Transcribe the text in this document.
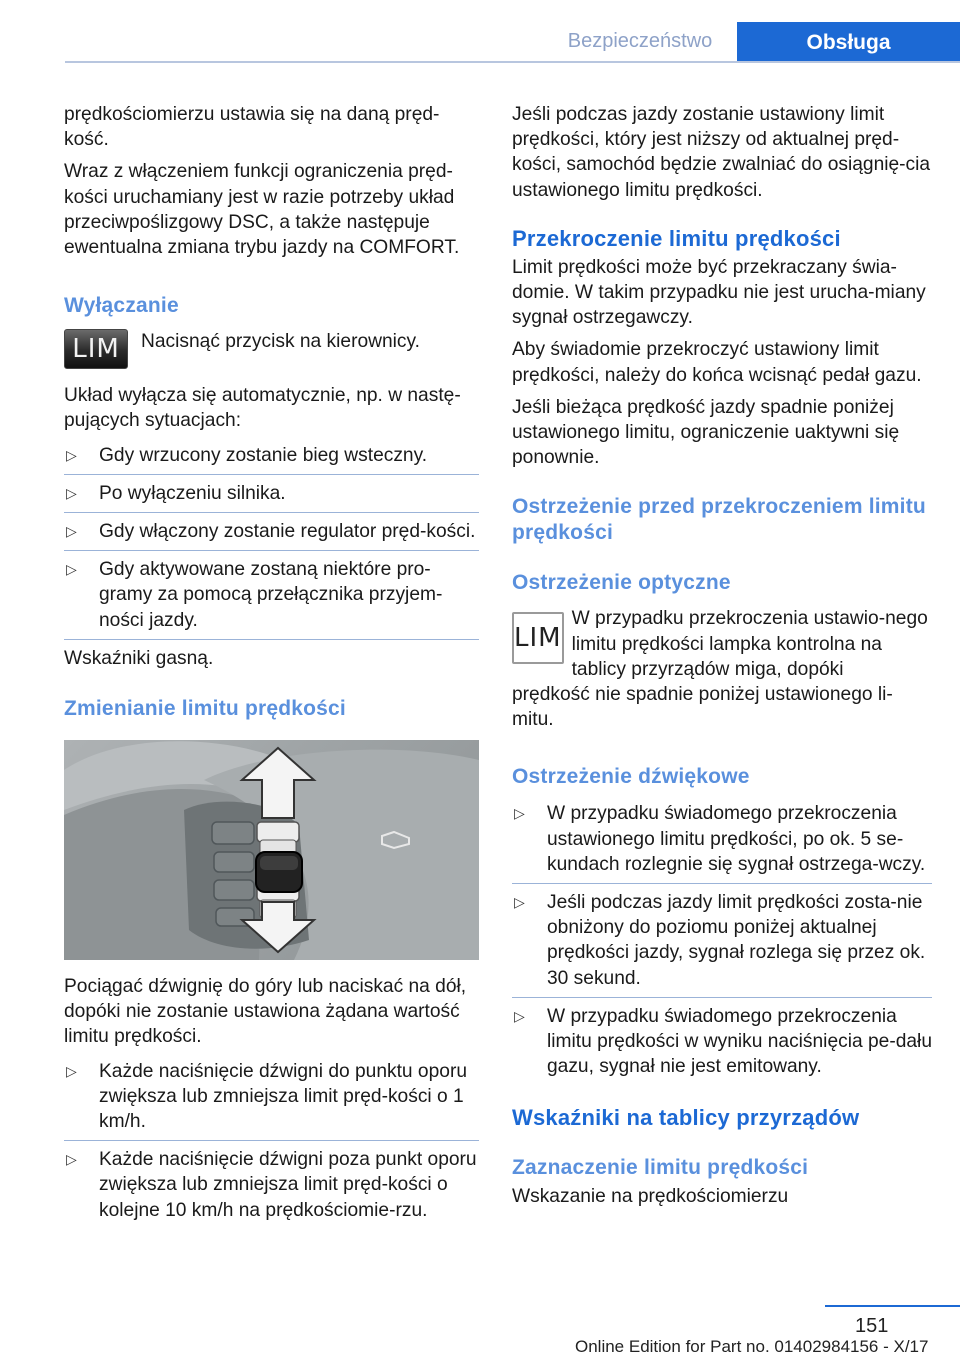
Bezpieczeństwo	Obsługa

prędkościomierzu ustawia się na daną pręd‐kość.

Wraz z włączeniem funkcji ograniczenia pręd‐kości uruchamiany jest w razie potrzeby układ przeciwpoślizgowy DSC, a także następuje ewentualna zmiana trybu jazdy na COMFORT.

Wyłączanie
LIM	Nacisnąć przycisk na kierownicy.

Układ wyłącza się automatycznie, np. w nastę‐pujących sytuacjach:

▷ Gdy wrzucony zostanie bieg wsteczny.
▷ Po wyłączeniu silnika.
▷ Gdy włączony zostanie regulator pręd‐kości.
▷ Gdy aktywowane zostaną niektóre pro‐gramy za pomocą przełącznika przyjem‐ności jazdy.

Wskaźniki gasną.

Zmienianie limitu prędkości

Pociągać dźwignię do góry lub naciskać na dół, dopóki nie zostanie ustawiona żądana wartość limitu prędkości.

▷ Każde naciśnięcie dźwigni do punktu oporu zwiększa lub zmniejsza limit pręd‐kości o 1 km/h.
▷ Każde naciśnięcie dźwigni poza punkt oporu zwiększa lub zmniejsza limit pręd‐kości o kolejne 10 km/h na prędkościomie‐rzu.

Jeśli podczas jazdy zostanie ustawiony limit prędkości, który jest niższy od aktualnej pręd‐kości, samochód będzie zwalniać do osiągnię‐cia ustawionego limitu prędkości.

Przekroczenie limitu prędkości

Limit prędkości może być przekraczany świa‐domie. W takim przypadku nie jest urucha‐miany sygnał ostrzegawczy.

Aby świadomie przekroczyć ustawiony limit prędkości, należy do końca wcisnąć pedał gazu.

Jeśli bieżąca prędkość jazdy spadnie poniżej ustawionego limitu, ograniczenie uaktywni się ponownie.

Ostrzeżenie przed przekroczeniem limitu prędkości
Ostrzeżenie optyczne
LIM

W przypadku przekroczenia ustawio‐nego limitu prędkości lampka kontrolna na tablicy przyrządów miga, dopóki

prędkość nie spadnie poniżej ustawionego li‐mitu.

Ostrzeżenie dźwiękowe
▷ W przypadku świadomego przekroczenia ustawionego limitu prędkości, po ok. 5 se‐kundach rozlegnie się sygnał ostrzega‐wczy.
▷ Jeśli podczas jazdy limit prędkości zosta‐nie obniżony do poziomu poniżej aktualnej prędkości jazdy, sygnał rozlega się przez ok. 30 sekund.
▷ W przypadku świadomego przekroczenia limitu prędkości w wyniku naciśnięcia pe‐dału gazu, sygnał nie jest emitowany.
Wskaźniki na tablicy przyrządów
Zaznaczenie limitu prędkości

Wskazanie na prędkościomierzu

151
Online Edition for Part no. 01402984156 - X/17
